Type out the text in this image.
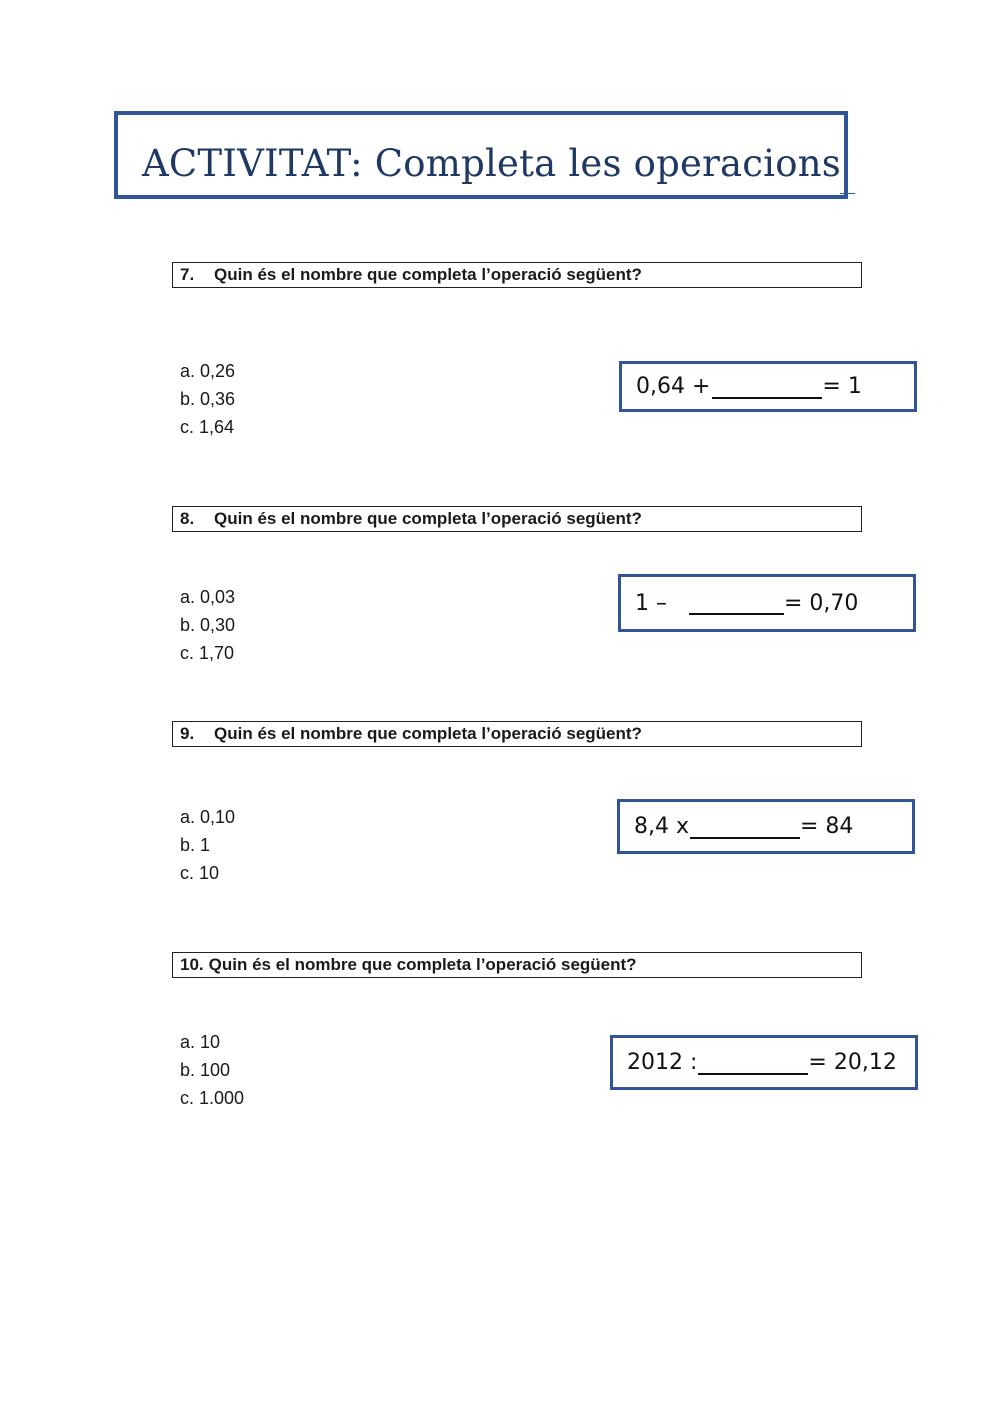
ACTIVITAT: Completa les operacions
7.	Quin és el nombre que completa l’operació següent?
a. 0,26
b. 0,36
c. 1,64
0,64 +	= 1
8.	Quin és el nombre que completa l’operació següent?
a. 0,03
b. 0,30
c. 1,70
1 –	= 0,70
9.	Quin és el nombre que completa l’operació següent?
a. 0,10
b. 1
c. 10
8,4 x	= 84
10. Quin és el nombre que completa l’operació següent?
a. 10
b. 100
c. 1.000
2012 :	= 20,12
